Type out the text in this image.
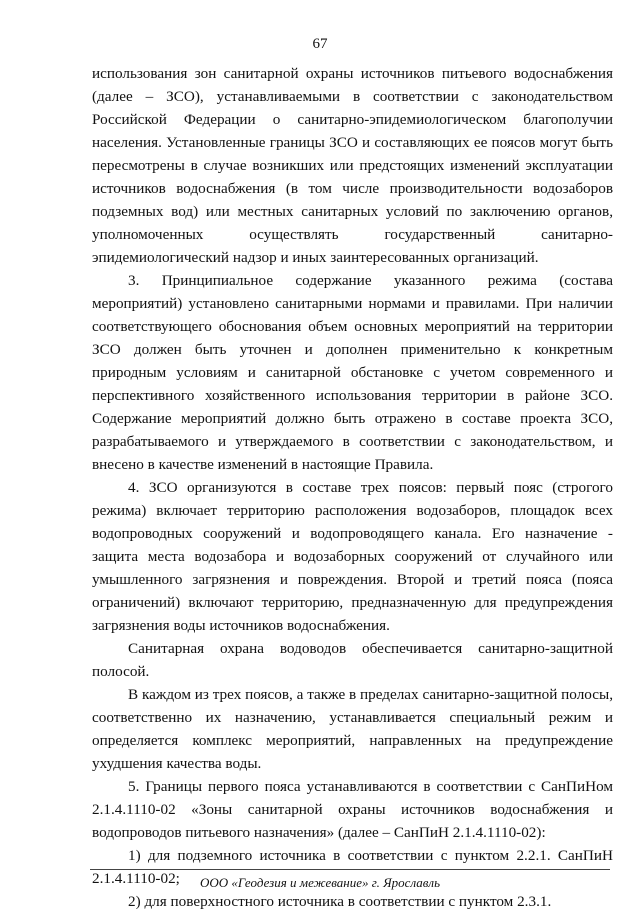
67

использования зон санитарной охраны источников питьевого водоснабжения (далее – ЗСО), устанавливаемыми в соответствии с законодательством Российской Федерации о санитарно-эпидемиологическом благополучии населения. Установленные границы ЗСО и составляющих ее поясов могут быть пересмотрены в случае возникших или предстоящих изменений эксплуатации источников водоснабжения (в том числе производительности водозаборов подземных вод) или местных санитарных условий по заключению органов, уполномоченных осуществлять государственный санитарно-эпидемиологический надзор и иных заинтересованных организаций.

3. Принципиальное содержание указанного режима (состава мероприятий) установлено санитарными нормами и правилами. При наличии соответствующего обоснования объем основных мероприятий на территории ЗСО должен быть уточнен и дополнен применительно к конкретным природным условиям и санитарной обстановке с учетом современного и перспективного хозяйственного использования территории в районе ЗСО. Содержание мероприятий должно быть отражено в составе проекта ЗСО, разрабатываемого и утверждаемого в соответствии с законодательством, и внесено в качестве изменений в настоящие Правила.

4. ЗСО организуются в составе трех поясов: первый пояс (строгого режима) включает территорию расположения водозаборов, площадок всех водопроводных сооружений и водопроводящего канала. Его назначение - защита места водозабора и водозаборных сооружений от случайного или умышленного загрязнения и повреждения. Второй и третий пояса (пояса ограничений) включают территорию, предназначенную для предупреждения загрязнения воды источников водоснабжения.

Санитарная охрана водоводов обеспечивается санитарно-защитной полосой.

В каждом из трех поясов, а также в пределах санитарно-защитной полосы, соответственно их назначению, устанавливается специальный режим и определяется комплекс мероприятий, направленных на предупреждение ухудшения качества воды.

5. Границы первого пояса устанавливаются в соответствии с СанПиНом 2.1.4.1110-02 «Зоны санитарной охраны источников водоснабжения и водопроводов питьевого назначения» (далее – СанПиН 2.1.4.1110-02):

1) для подземного источника в соответствии с пунктом 2.2.1. СанПиН 2.1.4.1110-02;

2) для поверхностного источника в соответствии с пунктом 2.3.1.

ООО «Геодезия и межевание» г. Ярославль
